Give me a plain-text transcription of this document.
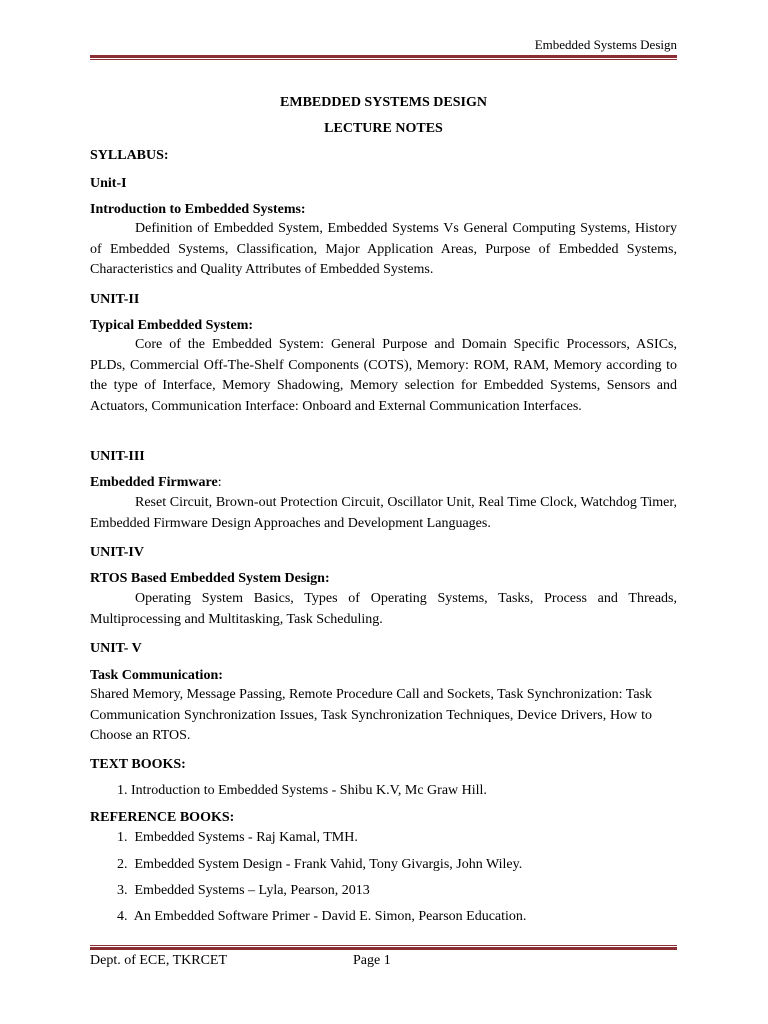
Embedded Systems Design
EMBEDDED SYSTEMS DESIGN
LECTURE NOTES
SYLLABUS:
Unit-I
Introduction to Embedded Systems:
Definition of Embedded System, Embedded Systems Vs General Computing Systems, History of Embedded Systems, Classification, Major Application Areas, Purpose of Embedded Systems, Characteristics and Quality Attributes of Embedded Systems.
UNIT-II
Typical Embedded System:
Core of the Embedded System: General Purpose and Domain Specific Processors, ASICs, PLDs, Commercial Off-The-Shelf Components (COTS), Memory: ROM, RAM, Memory according to the type of Interface, Memory Shadowing, Memory selection for Embedded Systems, Sensors and Actuators, Communication Interface: Onboard and External Communication Interfaces.
UNIT-III
Embedded Firmware:
Reset Circuit, Brown-out Protection Circuit, Oscillator Unit, Real Time Clock, Watchdog Timer, Embedded Firmware Design Approaches and Development Languages.
UNIT-IV
RTOS Based Embedded System Design:
Operating System Basics, Types of Operating Systems, Tasks, Process and Threads, Multiprocessing and Multitasking, Task Scheduling.
UNIT- V
Task Communication:
Shared Memory, Message Passing, Remote Procedure Call and Sockets, Task Synchronization: Task Communication Synchronization Issues, Task Synchronization Techniques, Device Drivers, How to Choose an RTOS.
TEXT BOOKS:
1. Introduction to Embedded Systems - Shibu K.V, Mc Graw Hill.
REFERENCE BOOKS:
1.  Embedded Systems - Raj Kamal, TMH.
2.  Embedded System Design - Frank Vahid, Tony Givargis, John Wiley.
3.  Embedded Systems – Lyla, Pearson, 2013
4.  An Embedded Software Primer - David E. Simon, Pearson Education.
Dept. of ECE, TKRCET	Page 1
